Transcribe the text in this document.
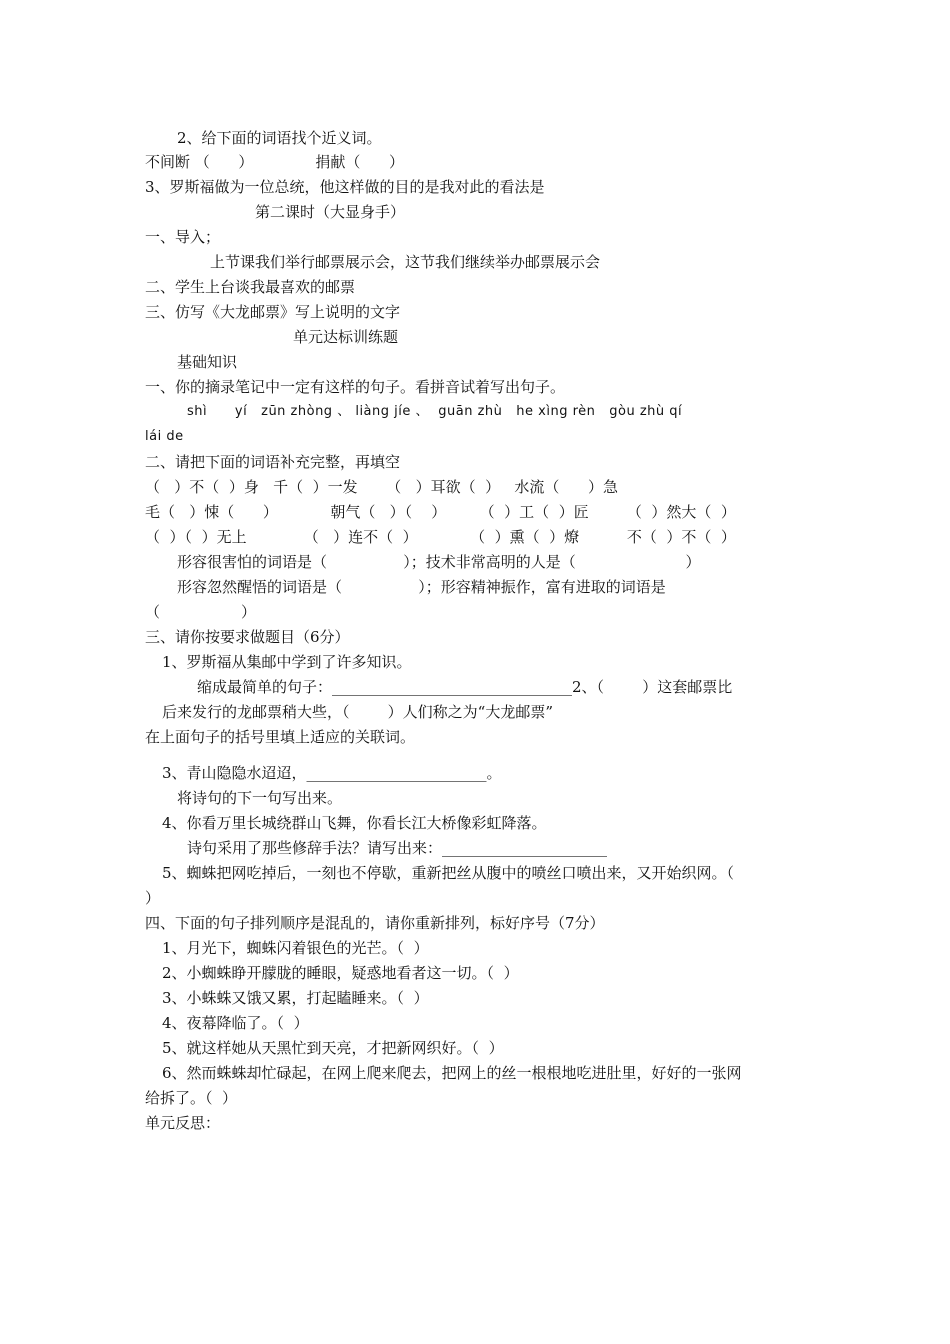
2、给下面的词语找个近义词。
不间断 （      ）             捐献（      ）
3、罗斯福做为一位总统，他这样做的目的是我对此的看法是
第二课时（大显身手）
一、导入；
上节课我们举行邮票展示会，这节我们继续举办邮票展示会
二、学生上台谈我最喜欢的邮票
三、仿写《大龙邮票》写上说明的文字
单元达标训练题
基础知识
一、你的摘录笔记中一定有这样的句子。看拼音试着写出句子。
shì      yí   zūn zhòng 、 liàng jíe 、  guān zhù   he xìng rèn   gòu zhù qí
lái de
二、请把下面的词语补充完整，再填空
（   ）不（  ）身   千（  ）一发      （   ）耳欲（  ）   水流（      ）急
毛（   ）悚（      ）           朝气（   ）（    ）       （  ）工（  ）匠        （  ）然大（  ）
（  ）（  ）无上            （   ）连不（  ）           （  ）熏（  ）燎          不（  ）不（  ）
形容很害怕的词语是（                ）；技术非常高明的人是（                       ）
形容忽然醒悟的词语是（                ）；形容精神振作，富有进取的词语是
（                 ）
三、请你按要求做题目（6分）
1、罗斯福从集邮中学到了许多知识。
缩成最简单的句子：________________________________2、（        ）这套邮票比
后来发行的龙邮票稍大些，（        ）人们称之为“大龙邮票”
在上面句子的括号里填上适应的关联词。
3、青山隐隐水迢迢，________________________。
将诗句的下一句写出来。
4、你看万里长城绕群山飞舞，你看长江大桥像彩虹降落。
诗句采用了那些修辞手法？请写出来：______________________
5、蜘蛛把网吃掉后，一刻也不停歇，重新把丝从腹中的喷丝口喷出来，又开始织网。（
）
四、下面的句子排列顺序是混乱的，请你重新排列，标好序号（7分）
1、月光下，蜘蛛闪着银色的光芒。（  ）
2、小蜘蛛睁开朦胧的睡眼，疑惑地看者这一切。（  ）
3、小蛛蛛又饿又累，打起瞌睡来。（  ）
4、夜幕降临了。（  ）
5、就这样她从天黑忙到天亮，才把新网织好。（  ）
6、然而蛛蛛却忙碌起，在网上爬来爬去，把网上的丝一根根地吃进肚里，好好的一张网
给拆了。（  ）
单元反思：
